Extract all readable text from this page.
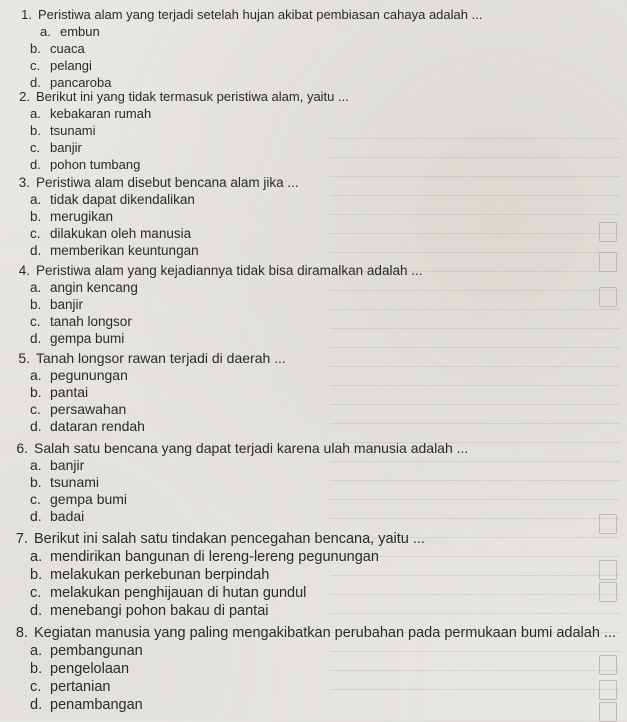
1. Peristiwa alam yang terjadi setelah hujan akibat pembiasan cahaya adalah ...
a. embun
b. cuaca
c. pelangi
d. pancaroba
2. Berikut ini yang tidak termasuk peristiwa alam, yaitu ...
a. kebakaran rumah
b. tsunami
c. banjir
d. pohon tumbang
3. Peristiwa alam disebut bencana alam jika ...
a. tidak dapat dikendalikan
b. merugikan
c. dilakukan oleh manusia
d. memberikan keuntungan
4. Peristiwa alam yang kejadiannya tidak bisa diramalkan adalah ...
a. angin kencang
b. banjir
c. tanah longsor
d. gempa bumi
5. Tanah longsor rawan terjadi di daerah ...
a. pegunungan
b. pantai
c. persawahan
d. dataran rendah
6. Salah satu bencana yang dapat terjadi karena ulah manusia adalah ...
a. banjir
b. tsunami
c. gempa bumi
d. badai
7. Berikut ini salah satu tindakan pencegahan bencana, yaitu ...
a. mendirikan bangunan di lereng-lereng pegunungan
b. melakukan perkebunan berpindah
c. melakukan penghijauan di hutan gundul
d. menebangi pohon bakau di pantai
8. Kegiatan manusia yang paling mengakibatkan perubahan pada permukaan bumi adalah ...
a. pembangunan
b. pengelolaan
c. pertanian
d. penambangan
